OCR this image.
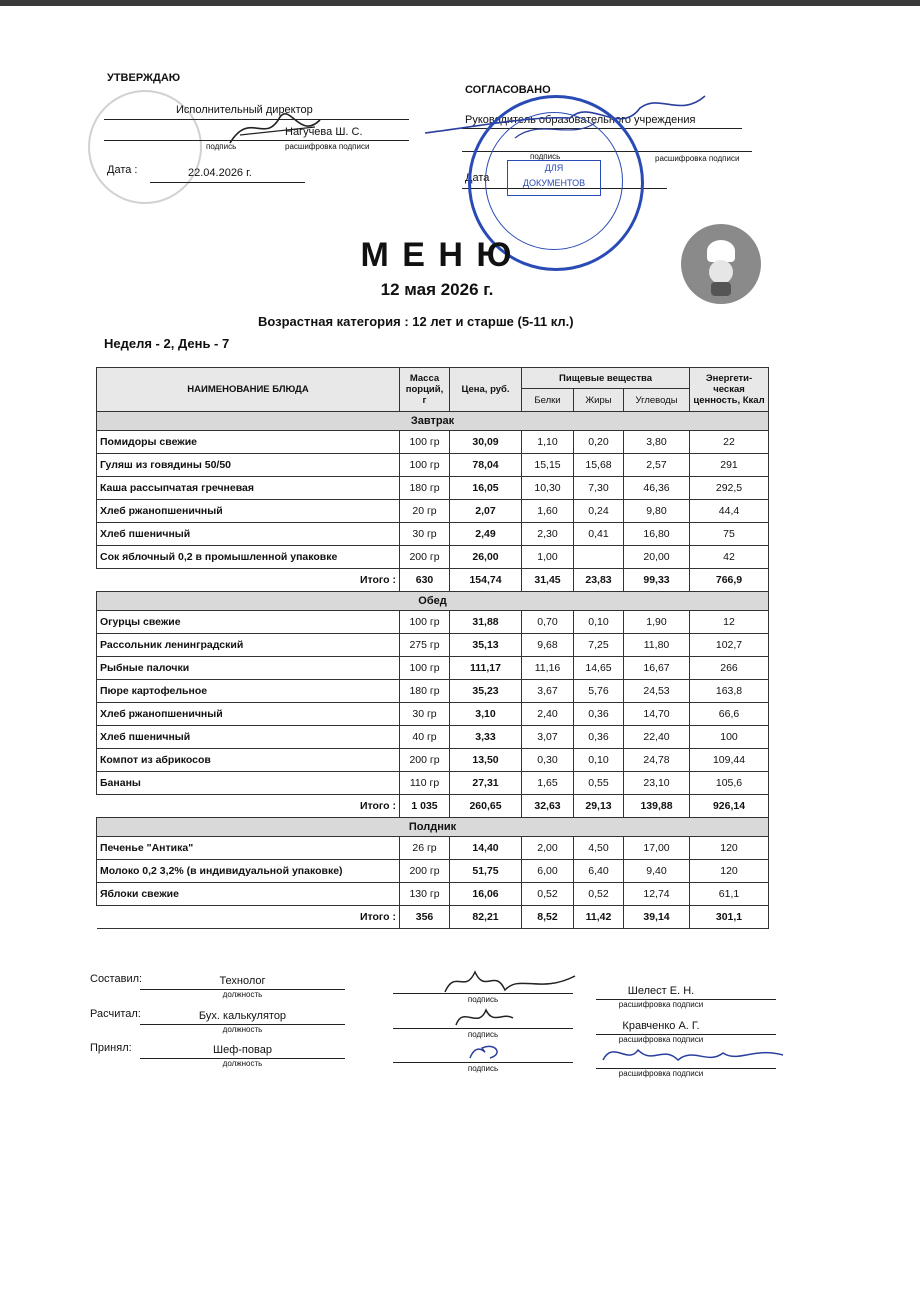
УТВЕРЖДАЮ
Исполнительный директор
Нагучева Ш. С.
подпись	расшифровка подписи
Дата :	22.04.2026 г.
СОГЛАСОВАНО
Руководитель образовательного учреждения
подпись	расшифровка подписи
Дата
ДЛЯ
ДОКУМЕНТОВ
М Е Н Ю
12 мая 2026 г.
Возрастная категория : 12 лет и старше (5-11 кл.)
Неделя - 2, День - 7
НАИМЕНОВАНИЕ БЛЮДА	Масса порций, г	Цена, руб.	Пищевые вещества			Энергети-ческая ценность, Ккал
			Белки	Жиры	Углеводы	
Завтрак						
Помидоры свежие	100 гр	30,09	1,10	0,20	3,80	22
Гуляш из говядины 50/50	100 гр	78,04	15,15	15,68	2,57	291
Каша рассыпчатая гречневая	180 гр	16,05	10,30	7,30	46,36	292,5
Хлеб ржанопшеничный	20 гр	2,07	1,60	0,24	9,80	44,4
Хлеб пшеничный	30 гр	2,49	2,30	0,41	16,80	75
Сок яблочный 0,2 в промышленной упаковке	200 гр	26,00	1,00		20,00	42
Итого :	630	154,74	31,45	23,83	99,33	766,9
Обед						
Огурцы свежие	100 гр	31,88	0,70	0,10	1,90	12
Рассольник ленинградский	275 гр	35,13	9,68	7,25	11,80	102,7
Рыбные палочки	100 гр	111,17	11,16	14,65	16,67	266
Пюре картофельное	180 гр	35,23	3,67	5,76	24,53	163,8
Хлеб ржанопшеничный	30 гр	3,10	2,40	0,36	14,70	66,6
Хлеб пшеничный	40 гр	3,33	3,07	0,36	22,40	100
Компот из абрикосов	200 гр	13,50	0,30	0,10	24,78	109,44
Бананы	110 гр	27,31	1,65	0,55	23,10	105,6
Итого :	1 035	260,65	32,63	29,13	139,88	926,14
Полдник						
Печенье "Антика"	26 гр	14,40	2,00	4,50	17,00	120
Молоко 0,2 3,2% (в индивидуальной упаковке)	200 гр	51,75	6,00	6,40	9,40	120
Яблоки свежие	130 гр	16,06	0,52	0,52	12,74	61,1
Итого :	356	82,21	8,52	11,42	39,14	301,1
Составил:	Технолог
должность
подпись
Шелест Е. Н.
расшифровка подписи
Расчитал:	Бух. калькулятор
должность
подпись
Кравченко А. Г.
расшифровка подписи
Принял:	Шеф-повар
должность
подпись
расшифровка подписи
